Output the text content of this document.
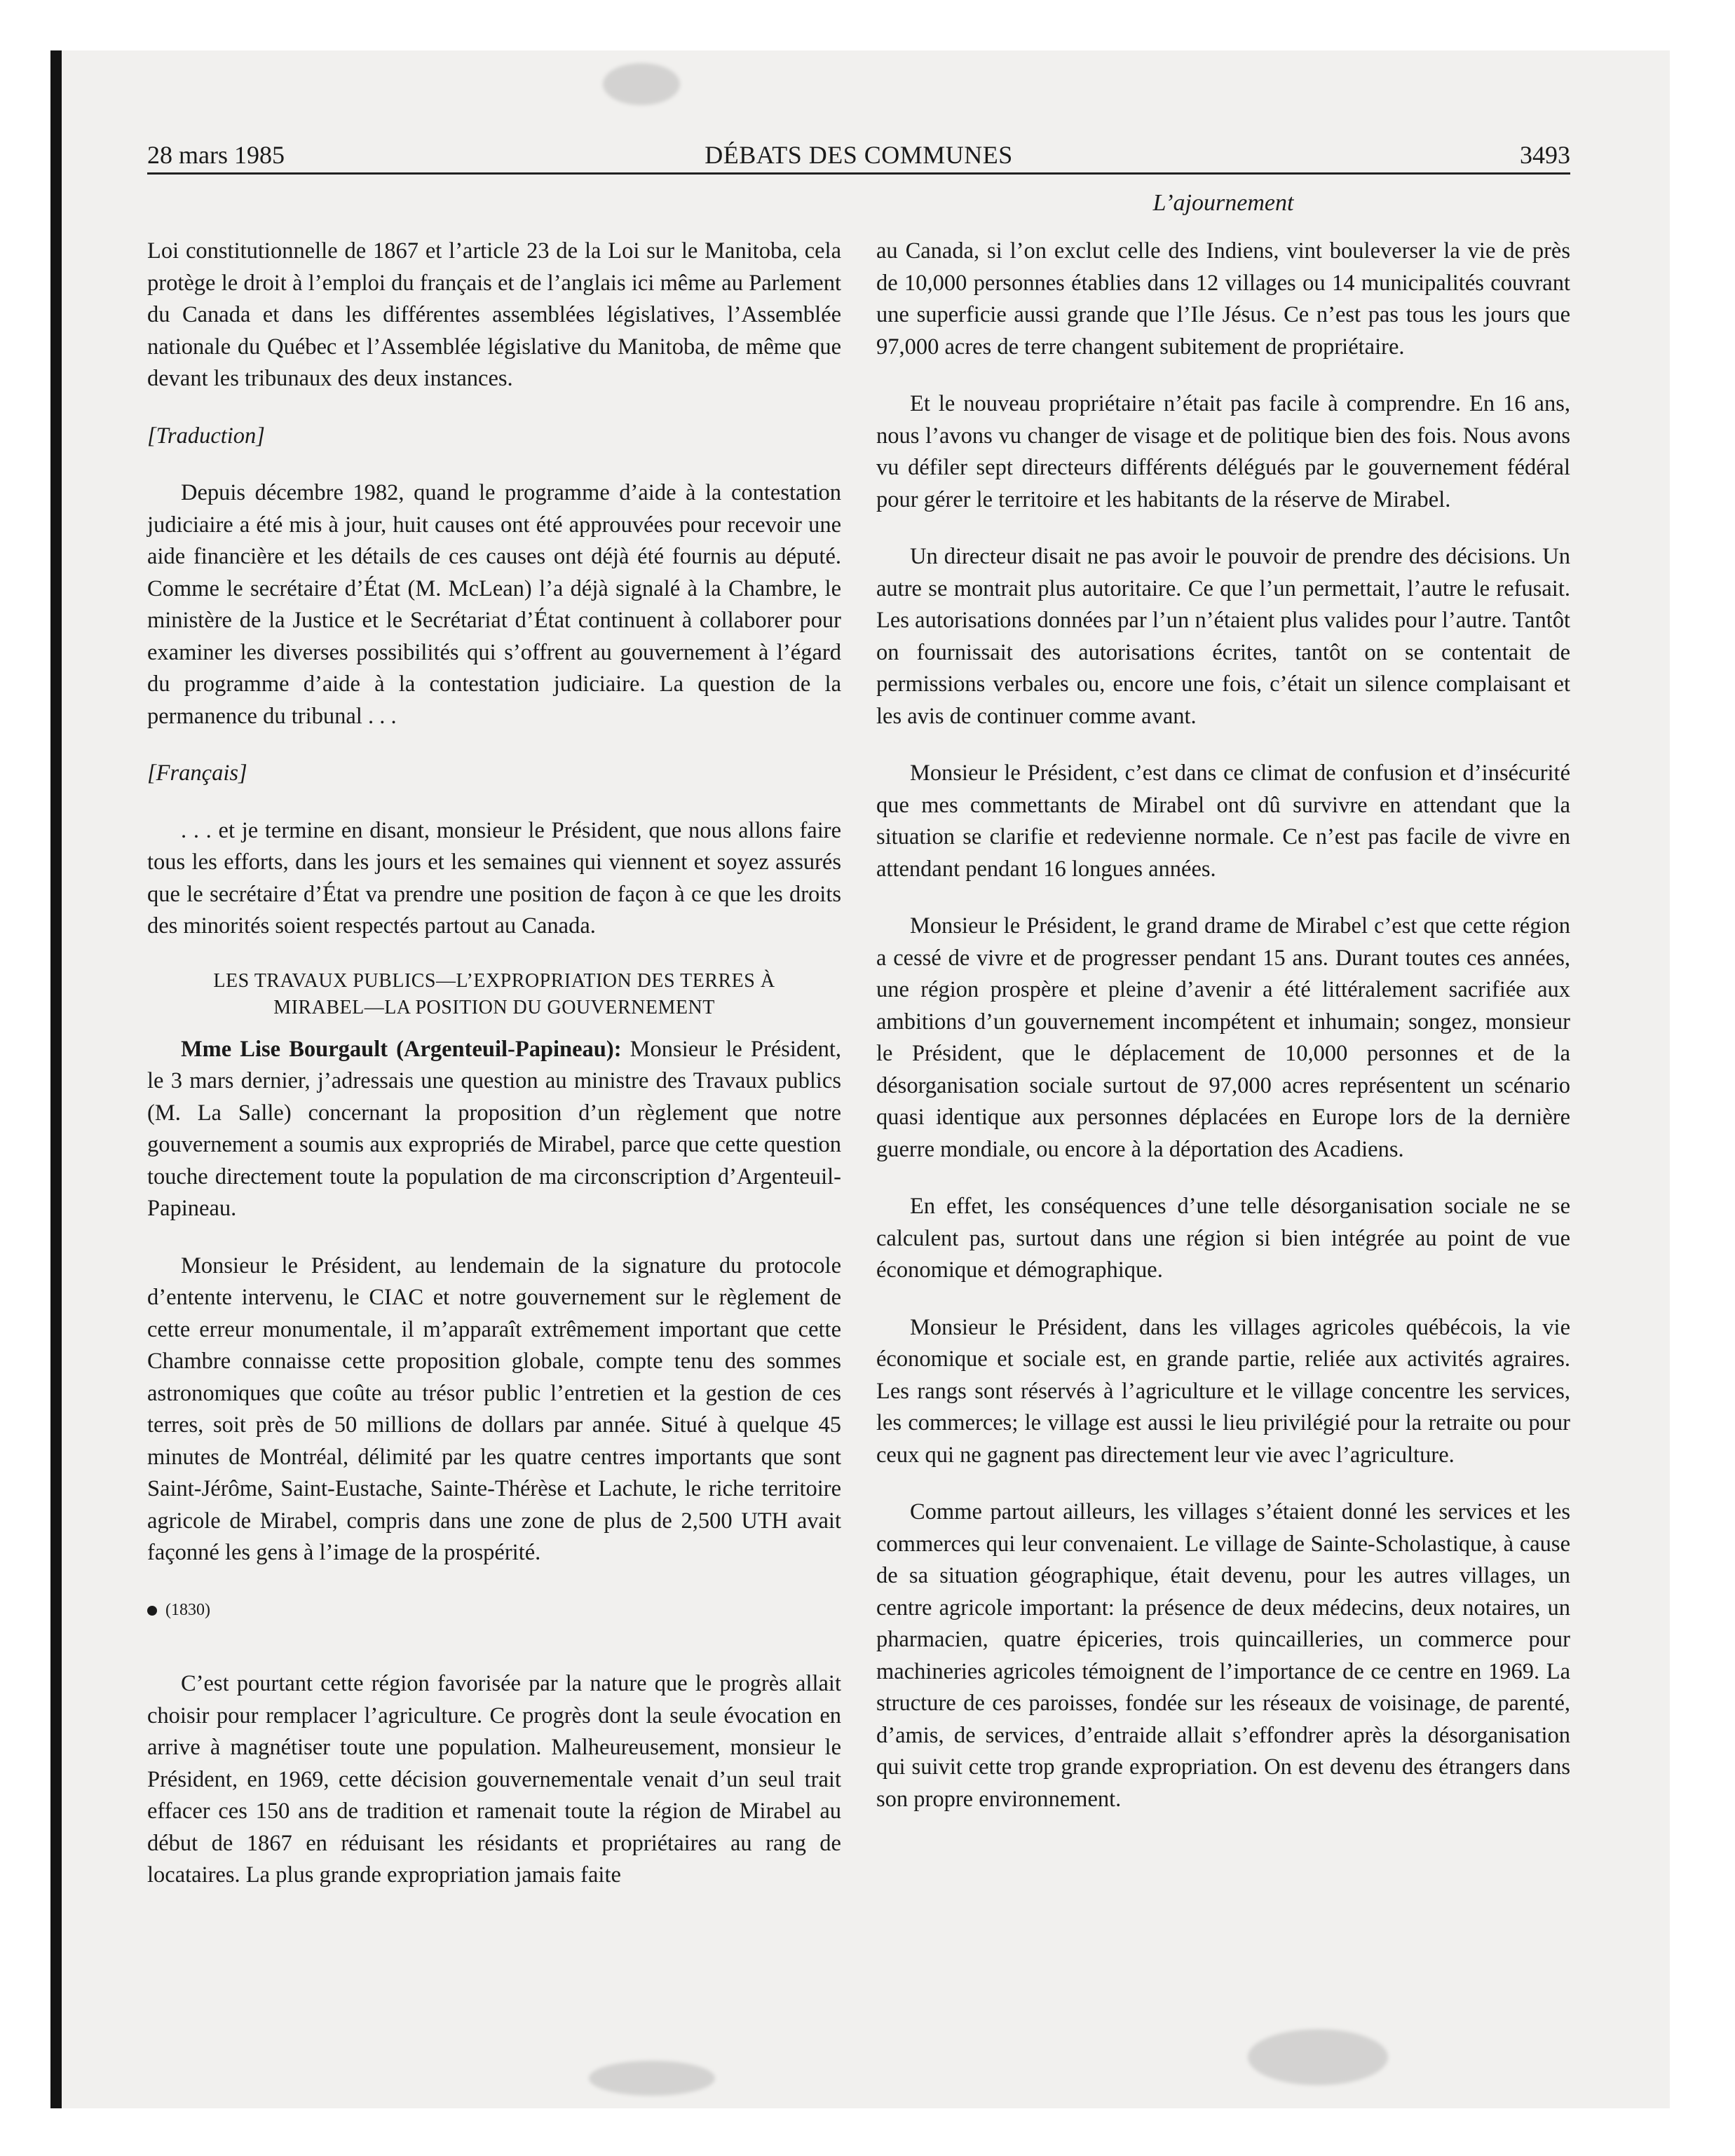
28 mars 1985	DÉBATS DES COMMUNES	3493
L’ajournement

Loi constitutionnelle de 1867 et l’article 23 de la Loi sur le Manitoba, cela protège le droit à l’emploi du français et de l’anglais ici même au Parlement du Canada et dans les différentes assemblées législatives, l’Assemblée nationale du Québec et l’Assemblée législative du Manitoba, de même que devant les tribunaux des deux instances.

[Traduction]

Depuis décembre 1982, quand le programme d’aide à la contestation judiciaire a été mis à jour, huit causes ont été approuvées pour recevoir une aide financière et les détails de ces causes ont déjà été fournis au député. Comme le secrétaire d’État (M. McLean) l’a déjà signalé à la Chambre, le ministère de la Justice et le Secrétariat d’État continuent à collaborer pour examiner les diverses possibilités qui s’offrent au gouvernement à l’égard du programme d’aide à la contestation judiciaire. La question de la permanence du tribunal . . .

[Français]

. . . et je termine en disant, monsieur le Président, que nous allons faire tous les efforts, dans les jours et les semaines qui viennent et soyez assurés que le secrétaire d’État va prendre une position de façon à ce que les droits des minorités soient respectés partout au Canada.

LES TRAVAUX PUBLICS—L’EXPROPRIATION DES TERRES À
MIRABEL—LA POSITION DU GOUVERNEMENT

Mme Lise Bourgault (Argenteuil-Papineau): Monsieur le Président, le 3 mars dernier, j’adressais une question au ministre des Travaux publics (M. La Salle) concernant la proposition d’un règlement que notre gouvernement a soumis aux expropriés de Mirabel, parce que cette question touche directement toute la population de ma circonscription d’Argenteuil-Papineau.

Monsieur le Président, au lendemain de la signature du protocole d’entente intervenu, le CIAC et notre gouvernement sur le règlement de cette erreur monumentale, il m’apparaît extrêmement important que cette Chambre connaisse cette proposition globale, compte tenu des sommes astronomiques que coûte au trésor public l’entretien et la gestion de ces terres, soit près de 50 millions de dollars par année. Situé à quelque 45 minutes de Montréal, délimité par les quatre centres importants que sont Saint-Jérôme, Saint-Eustache, Sainte-Thérèse et Lachute, le riche territoire agricole de Mirabel, compris dans une zone de plus de 2,500 UTH avait façonné les gens à l’image de la prospérité.

(1830)

C’est pourtant cette région favorisée par la nature que le progrès allait choisir pour remplacer l’agriculture. Ce progrès dont la seule évocation en arrive à magnétiser toute une population. Malheureusement, monsieur le Président, en 1969, cette décision gouvernementale venait d’un seul trait effacer ces 150 ans de tradition et ramenait toute la région de Mirabel au début de 1867 en réduisant les résidants et propriétaires au rang de locataires. La plus grande expropriation jamais faite

au Canada, si l’on exclut celle des Indiens, vint bouleverser la vie de près de 10,000 personnes établies dans 12 villages ou 14 municipalités couvrant une superficie aussi grande que l’Ile Jésus. Ce n’est pas tous les jours que 97,000 acres de terre changent subitement de propriétaire.

Et le nouveau propriétaire n’était pas facile à comprendre. En 16 ans, nous l’avons vu changer de visage et de politique bien des fois. Nous avons vu défiler sept directeurs différents délégués par le gouvernement fédéral pour gérer le territoire et les habitants de la réserve de Mirabel.

Un directeur disait ne pas avoir le pouvoir de prendre des décisions. Un autre se montrait plus autoritaire. Ce que l’un permettait, l’autre le refusait. Les autorisations données par l’un n’étaient plus valides pour l’autre. Tantôt on fournissait des autorisations écrites, tantôt on se contentait de permissions verbales ou, encore une fois, c’était un silence complaisant et les avis de continuer comme avant.

Monsieur le Président, c’est dans ce climat de confusion et d’insécurité que mes commettants de Mirabel ont dû survivre en attendant que la situation se clarifie et redevienne normale. Ce n’est pas facile de vivre en attendant pendant 16 longues années.

Monsieur le Président, le grand drame de Mirabel c’est que cette région a cessé de vivre et de progresser pendant 15 ans. Durant toutes ces années, une région prospère et pleine d’avenir a été littéralement sacrifiée aux ambitions d’un gouvernement incompétent et inhumain; songez, monsieur le Président, que le déplacement de 10,000 personnes et de la désorganisation sociale surtout de 97,000 acres représentent un scénario quasi identique aux personnes déplacées en Europe lors de la dernière guerre mondiale, ou encore à la déportation des Acadiens.

En effet, les conséquences d’une telle désorganisation sociale ne se calculent pas, surtout dans une région si bien intégrée au point de vue économique et démographique.

Monsieur le Président, dans les villages agricoles québécois, la vie économique et sociale est, en grande partie, reliée aux activités agraires. Les rangs sont réservés à l’agriculture et le village concentre les services, les commerces; le village est aussi le lieu privilégié pour la retraite ou pour ceux qui ne gagnent pas directement leur vie avec l’agriculture.

Comme partout ailleurs, les villages s’étaient donné les services et les commerces qui leur convenaient. Le village de Sainte-Scholastique, à cause de sa situation géographique, était devenu, pour les autres villages, un centre agricole important: la présence de deux médecins, deux notaires, un pharmacien, quatre épiceries, trois quincailleries, un commerce pour machineries agricoles témoignent de l’importance de ce centre en 1969. La structure de ces paroisses, fondée sur les réseaux de voisinage, de parenté, d’amis, de services, d’entraide allait s’effondrer après la désorganisation qui suivit cette trop grande expropriation. On est devenu des étrangers dans son propre environnement.
